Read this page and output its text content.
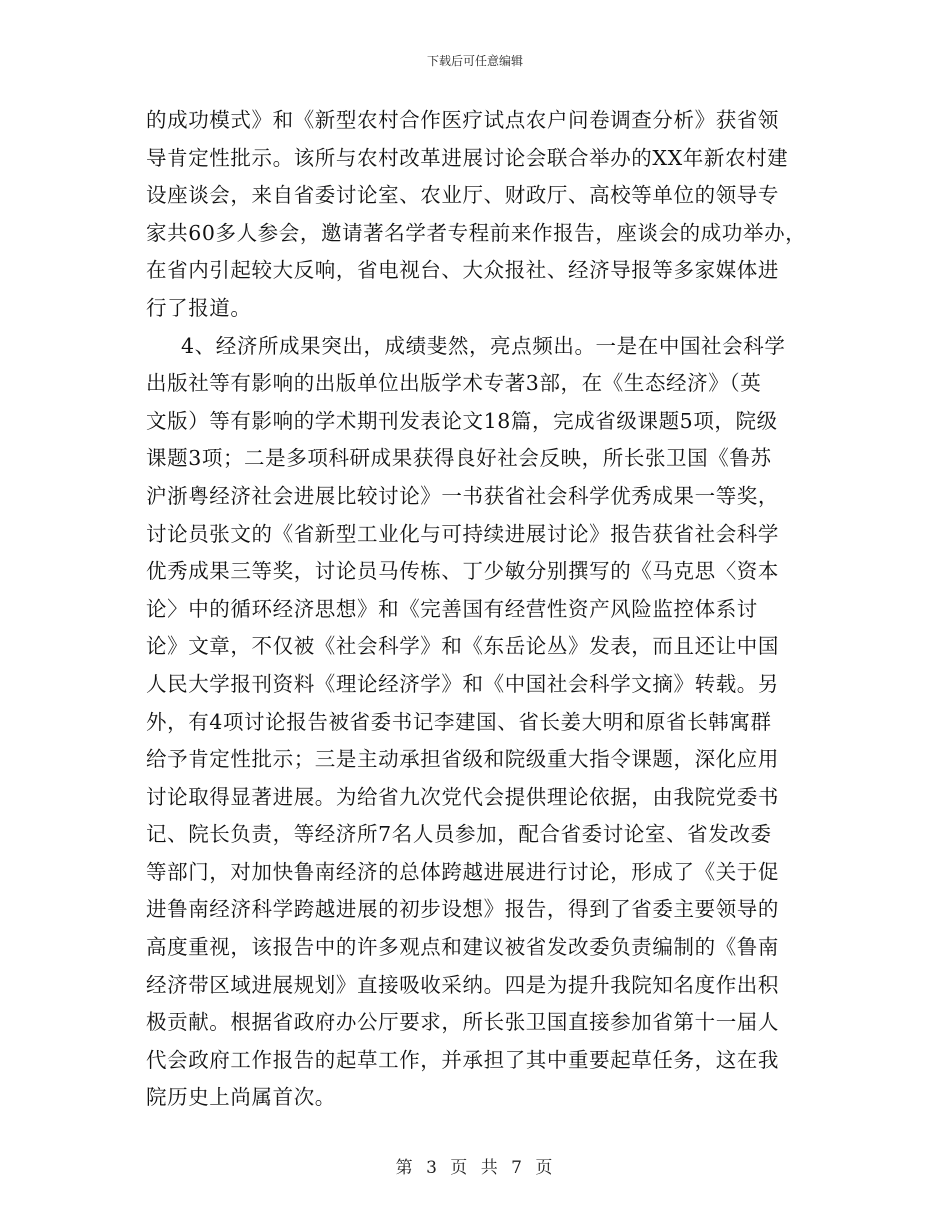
下载后可任意编辑
的成功模式》和《新型农村合作医疗试点农户问卷调查分析》获省领
导肯定性批示。该所与农村改革进展讨论会联合举办的XX年新农村建
设座谈会，来自省委讨论室、农业厅、财政厅、高校等单位的领导专
家共60多人参会，邀请著名学者专程前来作报告，座谈会的成功举办，
在省内引起较大反响，省电视台、大众报社、经济导报等多家媒体进
行了报道。
4、经济所成果突出，成绩斐然，亮点频出。一是在中国社会科学
出版社等有影响的出版单位出版学术专著3部，在《生态经济》（英
文版）等有影响的学术期刊发表论文18篇，完成省级课题5项，院级
课题3项；二是多项科研成果获得良好社会反映，所长张卫国《鲁苏
沪浙粤经济社会进展比较讨论》一书获省社会科学优秀成果一等奖，
讨论员张文的《省新型工业化与可持续进展讨论》报告获省社会科学
优秀成果三等奖，讨论员马传栋、丁少敏分别撰写的《马克思〈资本
论〉中的循环经济思想》和《完善国有经营性资产风险监控体系讨
论》文章，不仅被《社会科学》和《东岳论丛》发表，而且还让中国
人民大学报刊资料《理论经济学》和《中国社会科学文摘》转载。另
外，有4项讨论报告被省委书记李建国、省长姜大明和原省长韩寓群
给予肯定性批示；三是主动承担省级和院级重大指令课题，深化应用
讨论取得显著进展。为给省九次党代会提供理论依据，由我院党委书
记、院长负责，等经济所7名人员参加，配合省委讨论室、省发改委
等部门，对加快鲁南经济的总体跨越进展进行讨论，形成了《关于促
进鲁南经济科学跨越进展的初步设想》报告，得到了省委主要领导的
高度重视，该报告中的许多观点和建议被省发改委负责编制的《鲁南
经济带区域进展规划》直接吸收采纳。四是为提升我院知名度作出积
极贡献。根据省政府办公厅要求，所长张卫国直接参加省第十一届人
代会政府工作报告的起草工作，并承担了其中重要起草任务，这在我
院历史上尚属首次。
第 3 页 共 7 页
